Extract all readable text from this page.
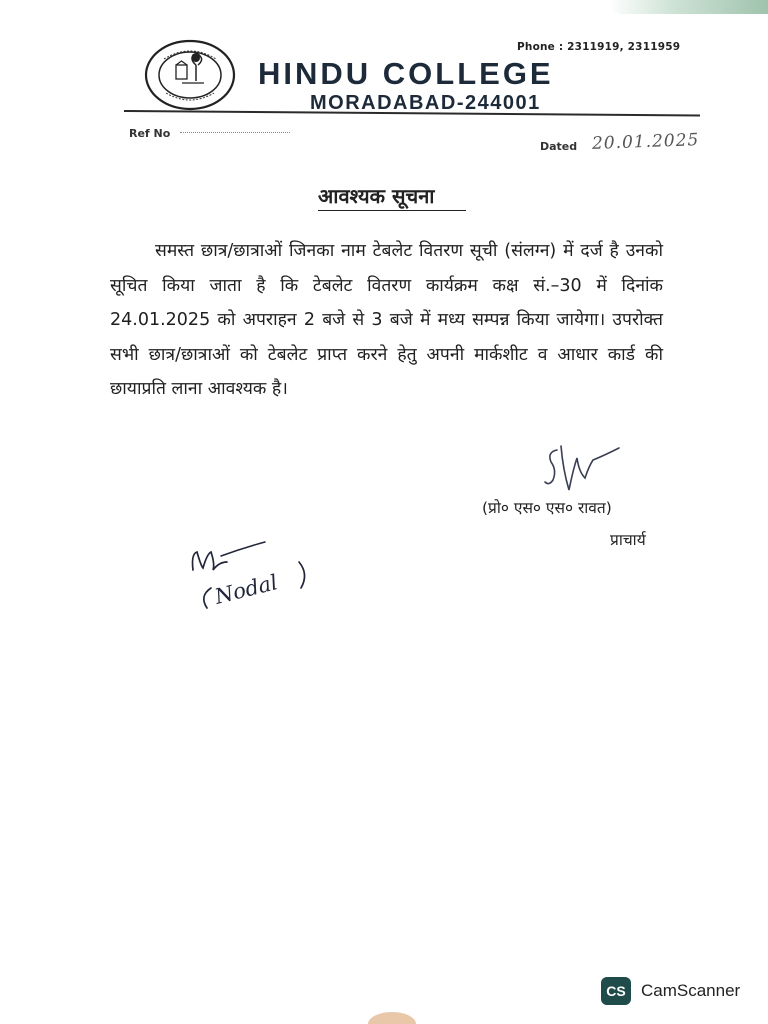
Phone : 2311919, 2311959
HINDU COLLEGE
MORADABAD-244001
Ref No
Dated 20.01.2025
आवश्यक सूचना
समस्त छात्र/छात्राओं जिनका नाम टेबलेट वितरण सूची (संलग्न) में दर्ज है उनको सूचित किया जाता है कि टेबलेट वितरण कार्यक्रम कक्ष सं.–30 में दिनांक 24.01.2025 को अपराहन 2 बजे से 3 बजे में मध्य सम्पन्न किया जायेगा। उपरोक्त सभी छात्र/छात्राओं को टेबलेट प्राप्त करने हेतु अपनी मार्कशीट व आधार कार्ड की छायाप्रति लाना आवश्यक है।
(प्रो० एस० एस० रावत)
प्राचार्य
Nodal
CS CamScanner
